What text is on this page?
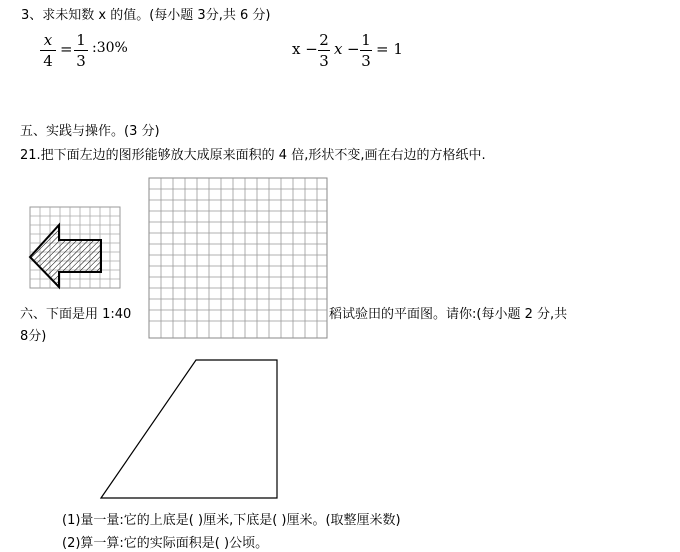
3、求未知数 x 的值。(每小题 3分,共 6 分)
x
4
= 1
3
:30%	x − 2
3
x − 1
3
= 1
五、实践与操作。(3 分)
21.把下面左边的图形能够放大成原来面积的 4 倍,形状不变,画在右边的方格纸中.
六、下面是用 1:40	稻试验田的平面图。请你:(每小题 2 分,共
8分)
(1)量一量:它的上底是( )厘米,下底是( )厘米。(取整厘米数)
(2)算一算:它的实际面积是( )公顷。
